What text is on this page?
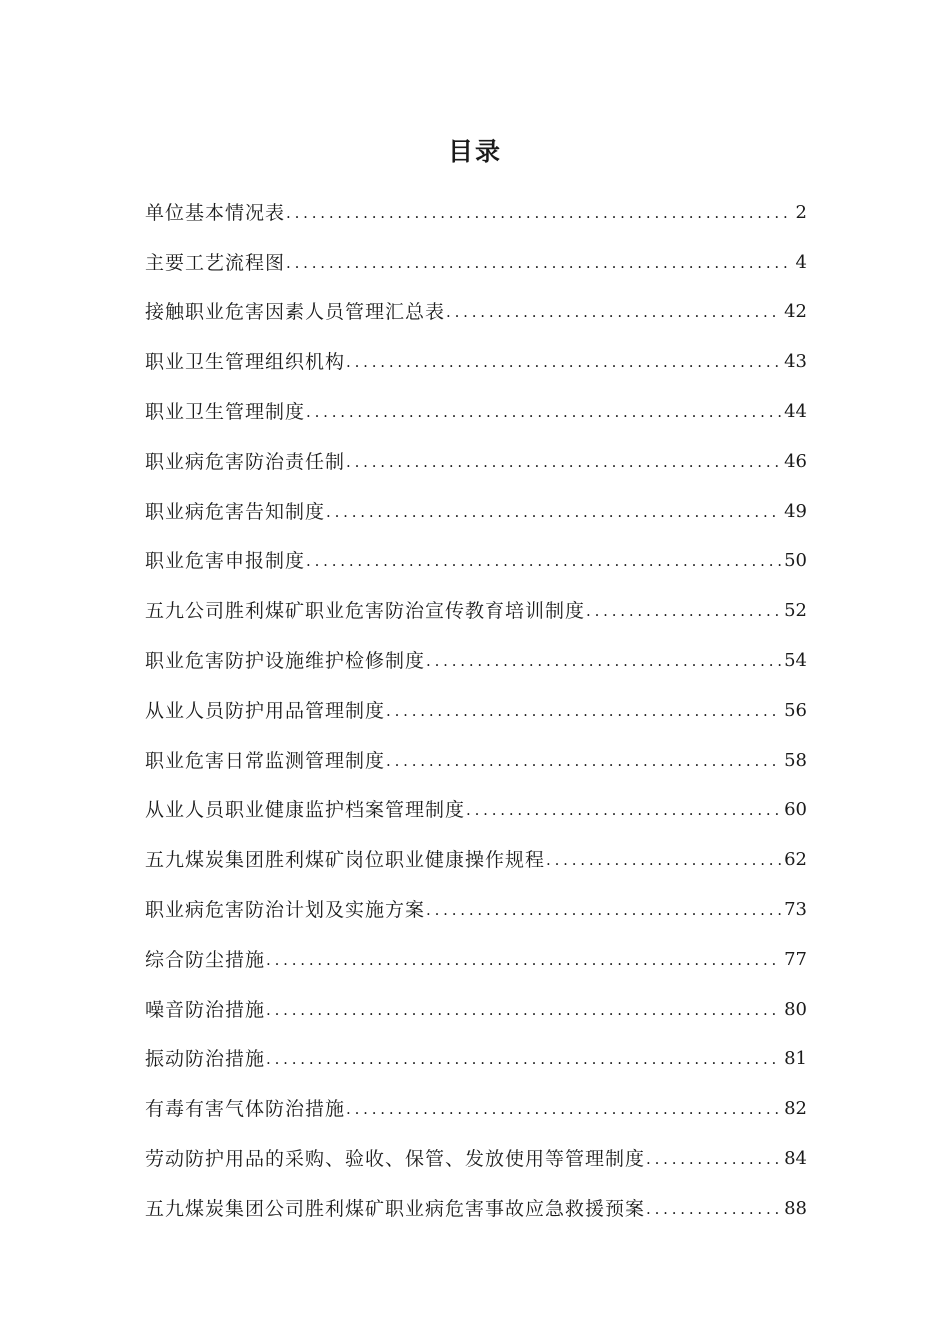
目录
单位基本情况表 .....	2
主要工艺流程图 .....	4
接触职业危害因素人员管理汇总表 .....	42
职业卫生管理组织机构 .....	43
职业卫生管理制度 .....	44
职业病危害防治责任制 .....	46
职业病危害告知制度 .....	49
职业危害申报制度 .....	50
五九公司胜利煤矿职业危害防治宣传教育培训制度 .....	52
职业危害防护设施维护检修制度 .....	54
从业人员防护用品管理制度 .....	56
职业危害日常监测管理制度 .....	58
从业人员职业健康监护档案管理制度 .....	60
五九煤炭集团胜利煤矿岗位职业健康操作规程 .....	62
职业病危害防治计划及实施方案 .....	73
综合防尘措施 .....	77
噪音防治措施 .....	80
振动防治措施 .....	81
有毒有害气体防治措施 .....	82
劳动防护用品的采购、验收、保管、发放使用等管理制度 .....	84
五九煤炭集团公司胜利煤矿职业病危害事故应急救援预案 .....	88
